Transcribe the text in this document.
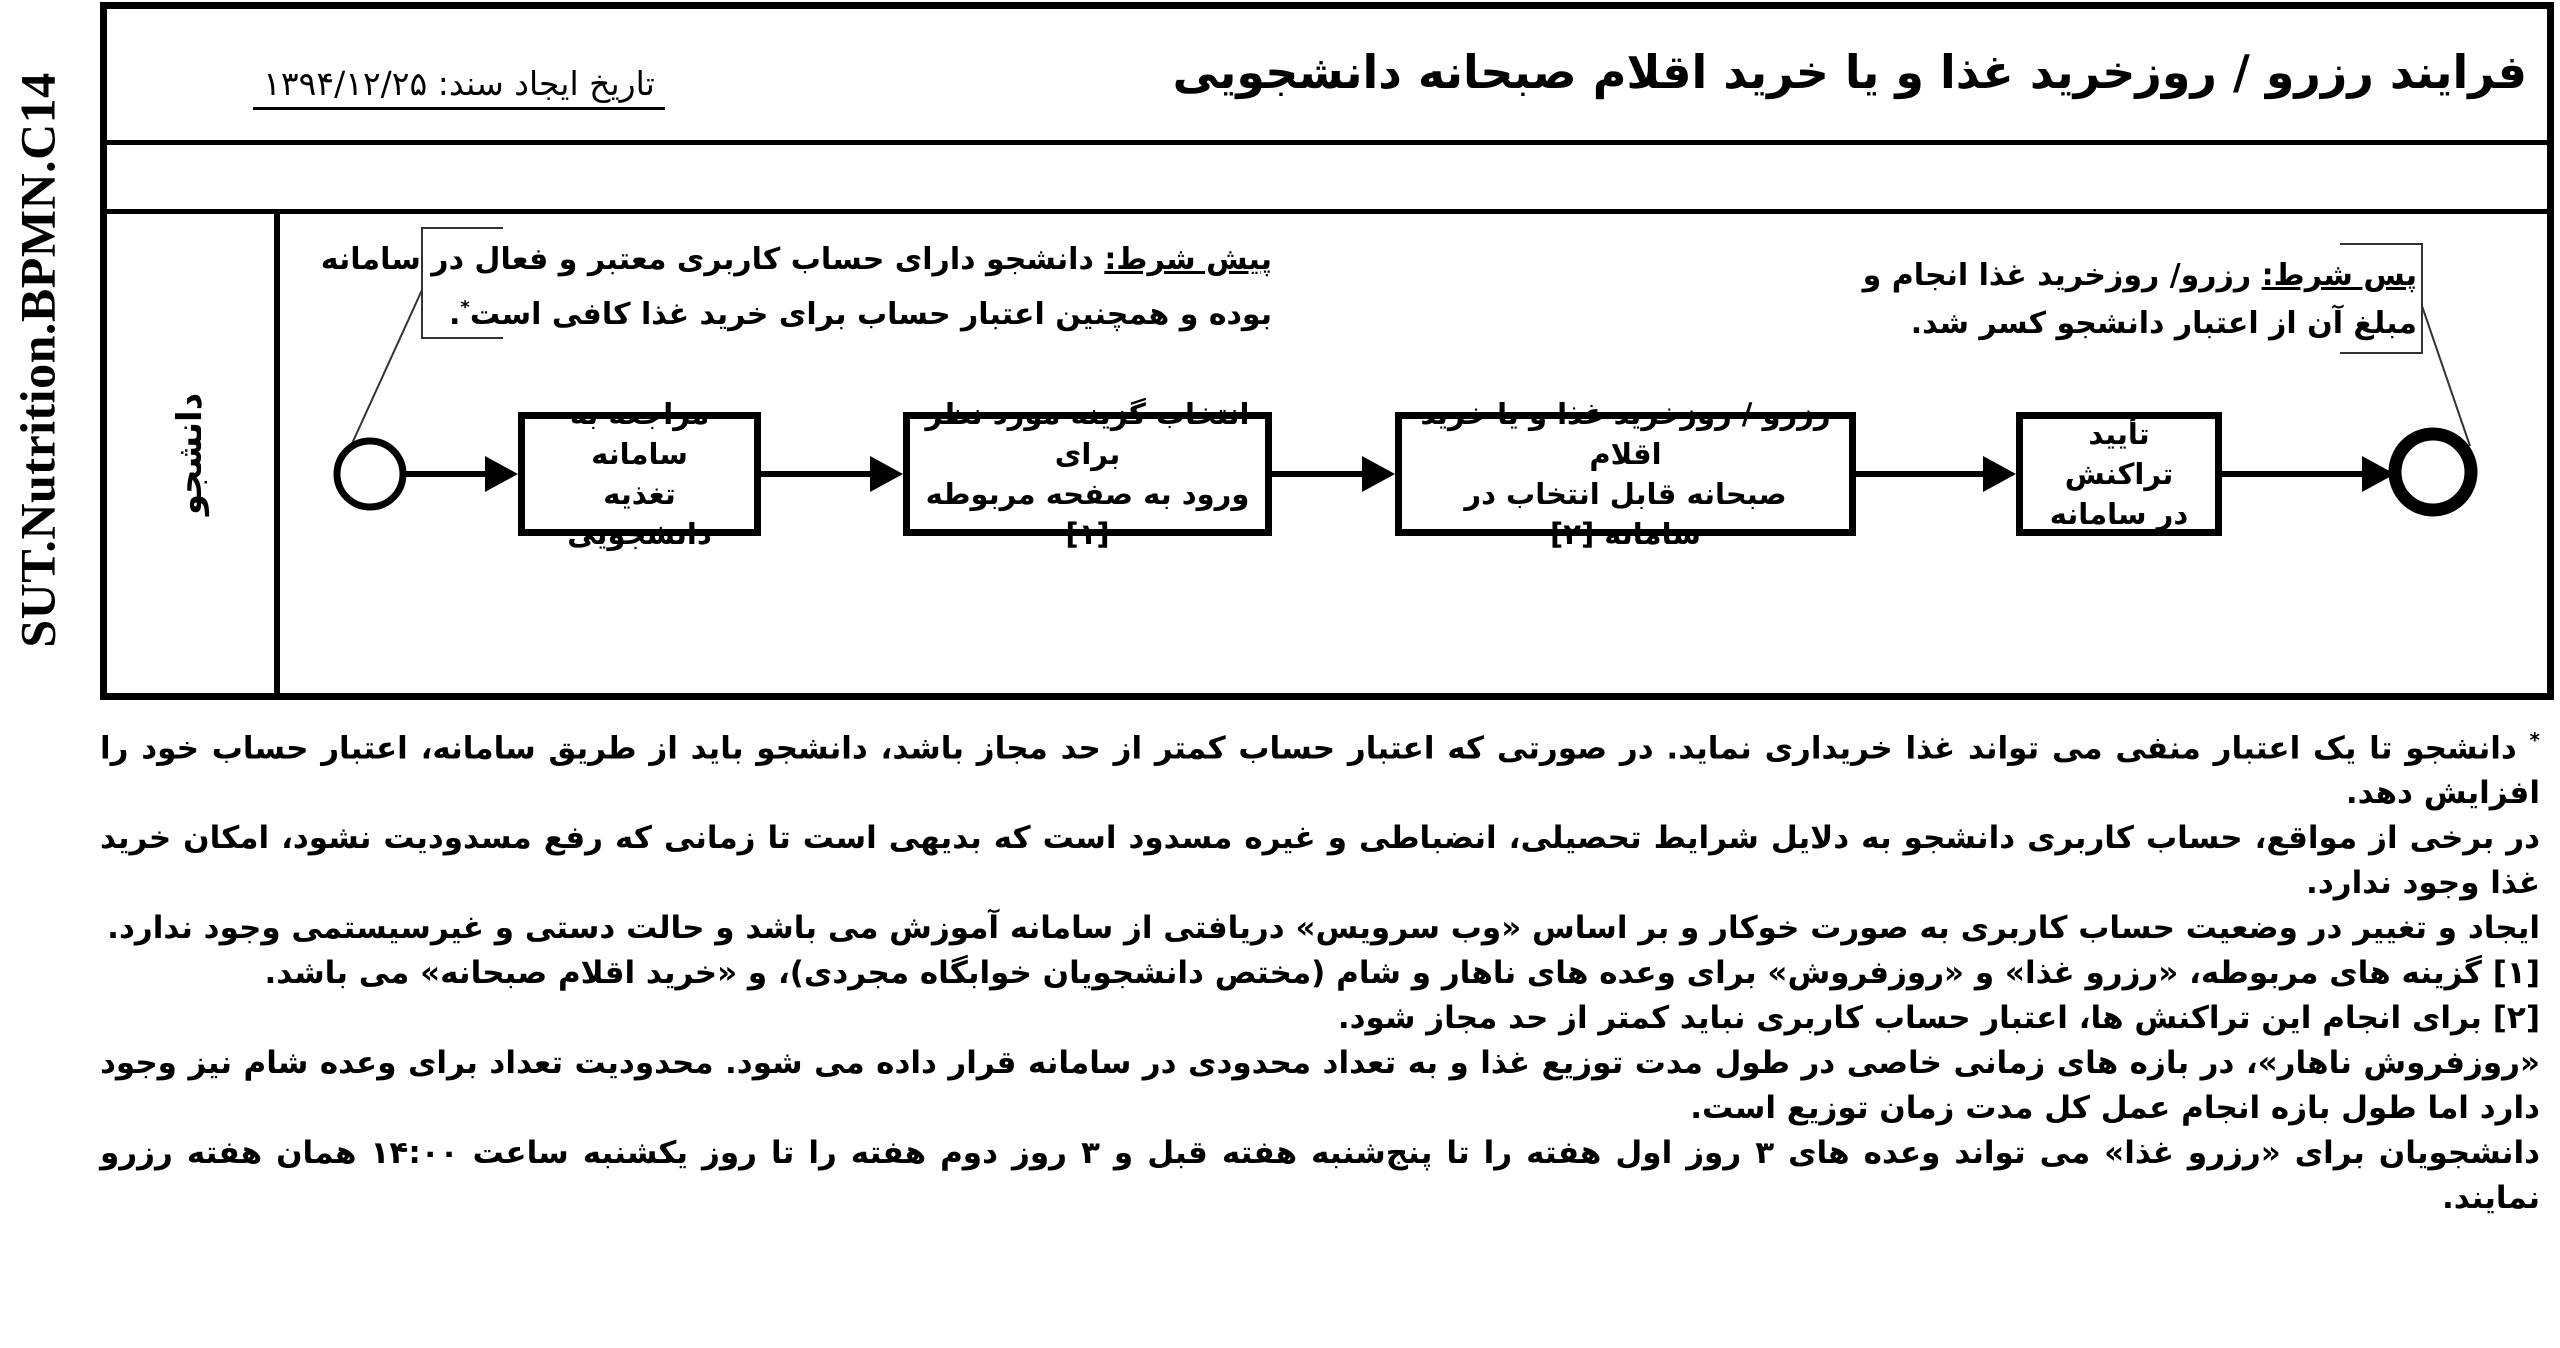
SUT.Nutrition.BPMN.C14
فرایند رزرو / روزخرید غذا و یا خرید اقلام صبحانه دانشجویی
تاریخ ایجاد سند: ۱۳۹۴/۱۲/۲۵
دانشجو
پیش شرط: دانشجو دارای حساب کاربری معتبر و فعال در سامانه
بوده و همچنین اعتبار حساب برای خرید غذا کافی است*.
پس شرط: رزرو/ روزخرید غذا انجام و
مبلغ آن از اعتبار دانشجو کسر شد.
مراجعه به سامانه
تغذیه دانشجویی
انتخاب گزینه مورد نظر برای
ورود به صفحه مربوطه [۱]
رزرو / روزخرید غذا و یا خرید اقلام
صبحانه قابل انتخاب در سامانه [۲]
تأیید تراکنش
در سامانه

* دانشجو تا یک اعتبار منفی می تواند غذا خریداری نماید. در صورتی که اعتبار حساب کمتر از حد مجاز باشد، دانشجو باید از طریق سامانه، اعتبار حساب خود را افزایش دهد.

در برخی از مواقع، حساب کاربری دانشجو به دلایل شرایط تحصیلی، انضباطی و غیره مسدود است که بدیهی است تا زمانی که رفع مسدودیت نشود، امکان خرید غذا وجود ندارد.

ایجاد و تغییر در وضعیت حساب کاربری به صورت خوکار و بر اساس «وب سرویس» دریافتی از سامانه آموزش می باشد و حالت دستی و غیرسیستمی وجود ندارد.

[۱] گزینه های مربوطه، «رزرو غذا» و «روزفروش» برای وعده های ناهار و شام (مختص دانشجویان خوابگاه مجردی)، و «خرید اقلام صبحانه» می باشد.

[۲] برای انجام این تراکنش ها، اعتبار حساب کاربری نباید کمتر از حد مجاز شود.

«روزفروش ناهار»، در بازه های زمانی خاصی در طول مدت توزیع غذا و به تعداد محدودی در سامانه قرار داده می شود. محدودیت تعداد برای وعده شام نیز وجود دارد اما طول بازه انجام عمل کل مدت زمان توزیع است.

دانشجویان برای «رزرو غذا» می تواند وعده های ۳ روز اول هفته را تا پنج‌شنبه هفته قبل و ۳ روز دوم هفته را تا روز یکشنبه ساعت ۱۴:۰۰ همان هفته رزرو نمایند.
